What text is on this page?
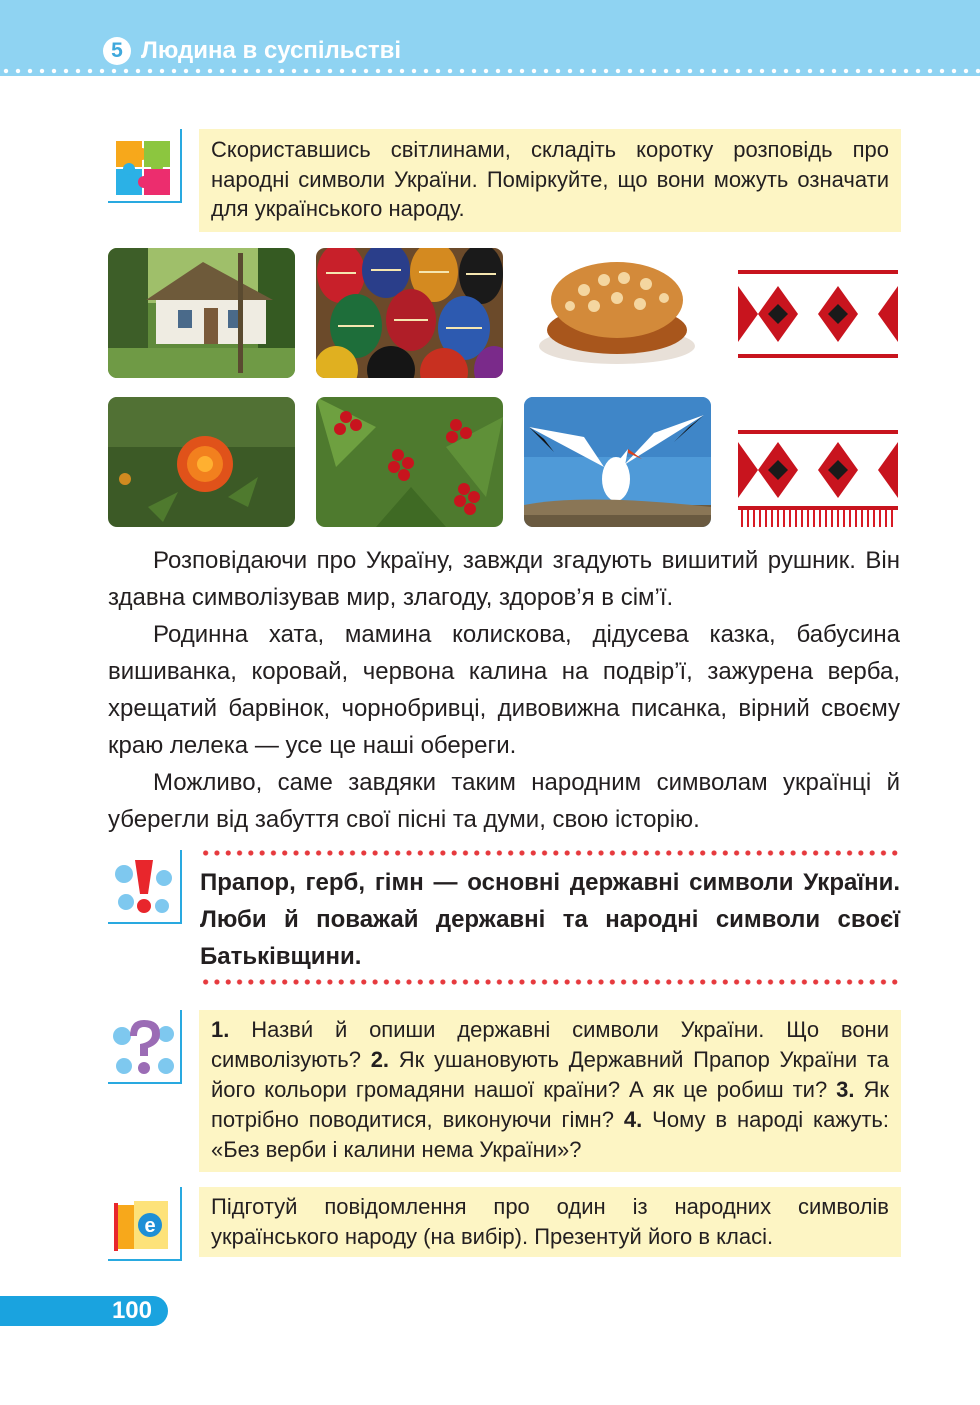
5 Людина в суспільстві
Скориставшись світлинами, складіть коротку розповідь про народні символи України. Поміркуйте, що вони можуть означати для українського народу.

Розповідаючи про Україну, завжди згадують вишитий рушник. Він здавна символізував мир, злагоду, здоров’я в сім’ї.

Родинна хата, мамина колискова, дідусева казка, бабусина вишиванка, коровай, червона калина на подвір’ї, зажурена верба, хрещатий барвінок, чорнобривці, дивовижна писанка, вірний своєму краю лелека — усе це наші обереги.

Можливо, саме завдяки таким народним символам українці й уберегли від забуття свої пісні та думи, свою історію.

Прапор, герб, гімн — основні державні символи України. Люби й поважай державні та народні символи своєї Батьківщини.
1. Назви́ й опиши державні символи України. Що вони символізують? 2. Як ушановують Державний Прапор України та його кольори громадяни нашої країни? А як це робиш ти? 3. Як потрібно поводитися, виконуючи гімн? 4. Чому в народі кажуть: «Без верби і калини нема України»?
e
Підготуй повідомлення про один із народних символів українського народу (на вибір). Презентуй його в класі.
100
